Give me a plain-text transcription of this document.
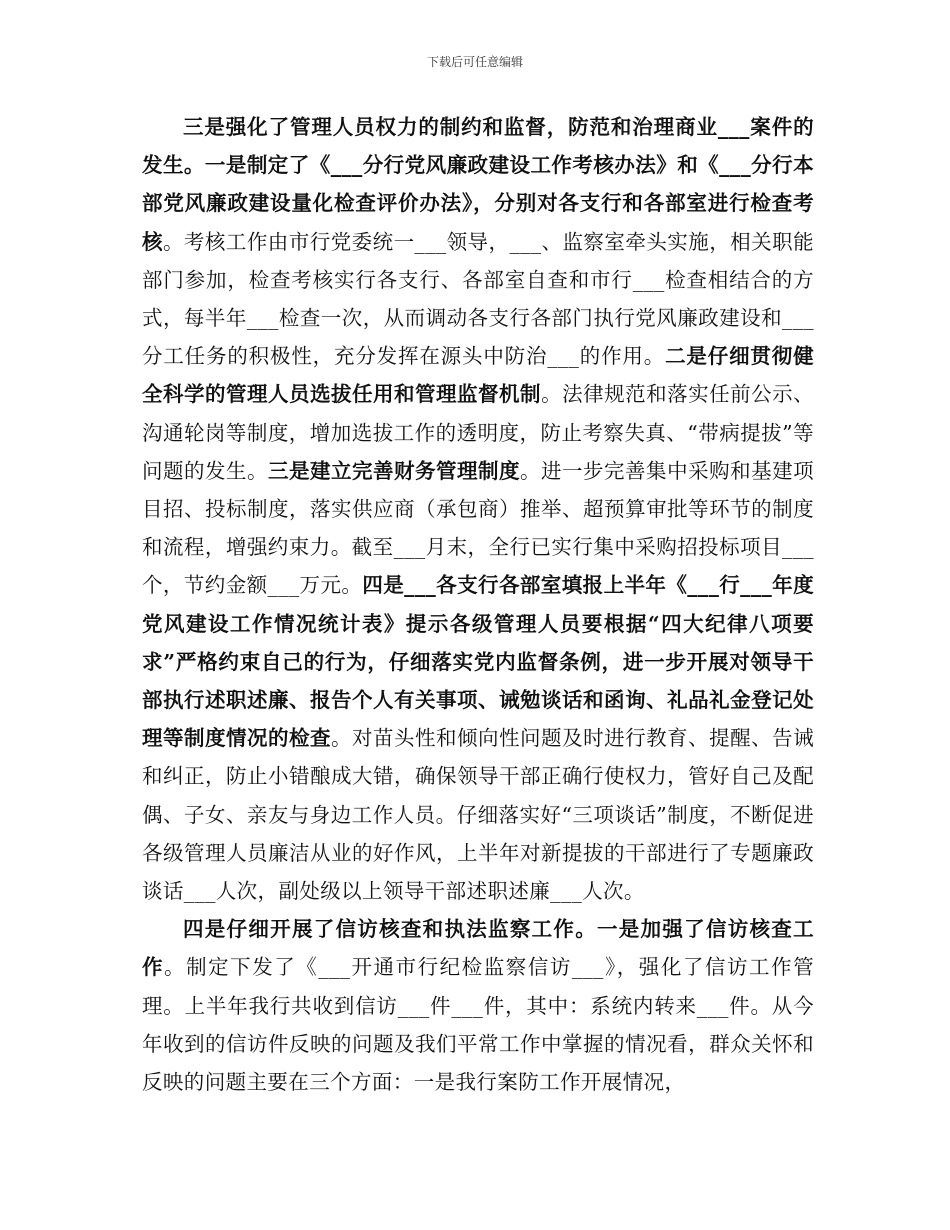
下载后可任意编辑

三是强化了管理人员权力的制约和监督，防范和治理商业___案件的发生。一是制定了《___分行党风廉政建设工作考核办法》和《___分行本部党风廉政建设量化检查评价办法》，分别对各支行和各部室进行检查考核。考核工作由市行党委统一___领导，___、监察室牵头实施，相关职能部门参加，检查考核实行各支行、各部室自查和市行___检查相结合的方式，每半年___检查一次，从而调动各支行各部门执行党风廉政建设和___分工任务的积极性，充分发挥在源头中防治___的作用。二是仔细贯彻健全科学的管理人员选拔任用和管理监督机制。法律规范和落实任前公示、沟通轮岗等制度，增加选拔工作的透明度，防止考察失真、“带病提拔”等问题的发生。三是建立完善财务管理制度。进一步完善集中采购和基建项目招、投标制度，落实供应商（承包商）推举、超预算审批等环节的制度和流程，增强约束力。截至___月末，全行已实行集中采购招投标项目___个，节约金额___万元。四是___各支行各部室填报上半年《___行___年度党风建设工作情况统计表》提示各级管理人员要根据“四大纪律八项要求”严格约束自己的行为，仔细落实党内监督条例，进一步开展对领导干部执行述职述廉、报告个人有关事项、诫勉谈话和函询、礼品礼金登记处理等制度情况的检查。对苗头性和倾向性问题及时进行教育、提醒、告诫和纠正，防止小错酿成大错，确保领导干部正确行使权力，管好自己及配偶、子女、亲友与身边工作人员。仔细落实好“三项谈话”制度，不断促进各级管理人员廉洁从业的好作风，上半年对新提拔的干部进行了专题廉政谈话___人次，副处级以上领导干部述职述廉___人次。

四是仔细开展了信访核查和执法监察工作。一是加强了信访核查工作。制定下发了《___开通市行纪检监察信访___》，强化了信访工作管理。上半年我行共收到信访___件___件，其中：系统内转来___件。从今年收到的信访件反映的问题及我们平常工作中掌握的情况看，群众关怀和反映的问题主要在三个方面：一是我行案防工作开展情况，
